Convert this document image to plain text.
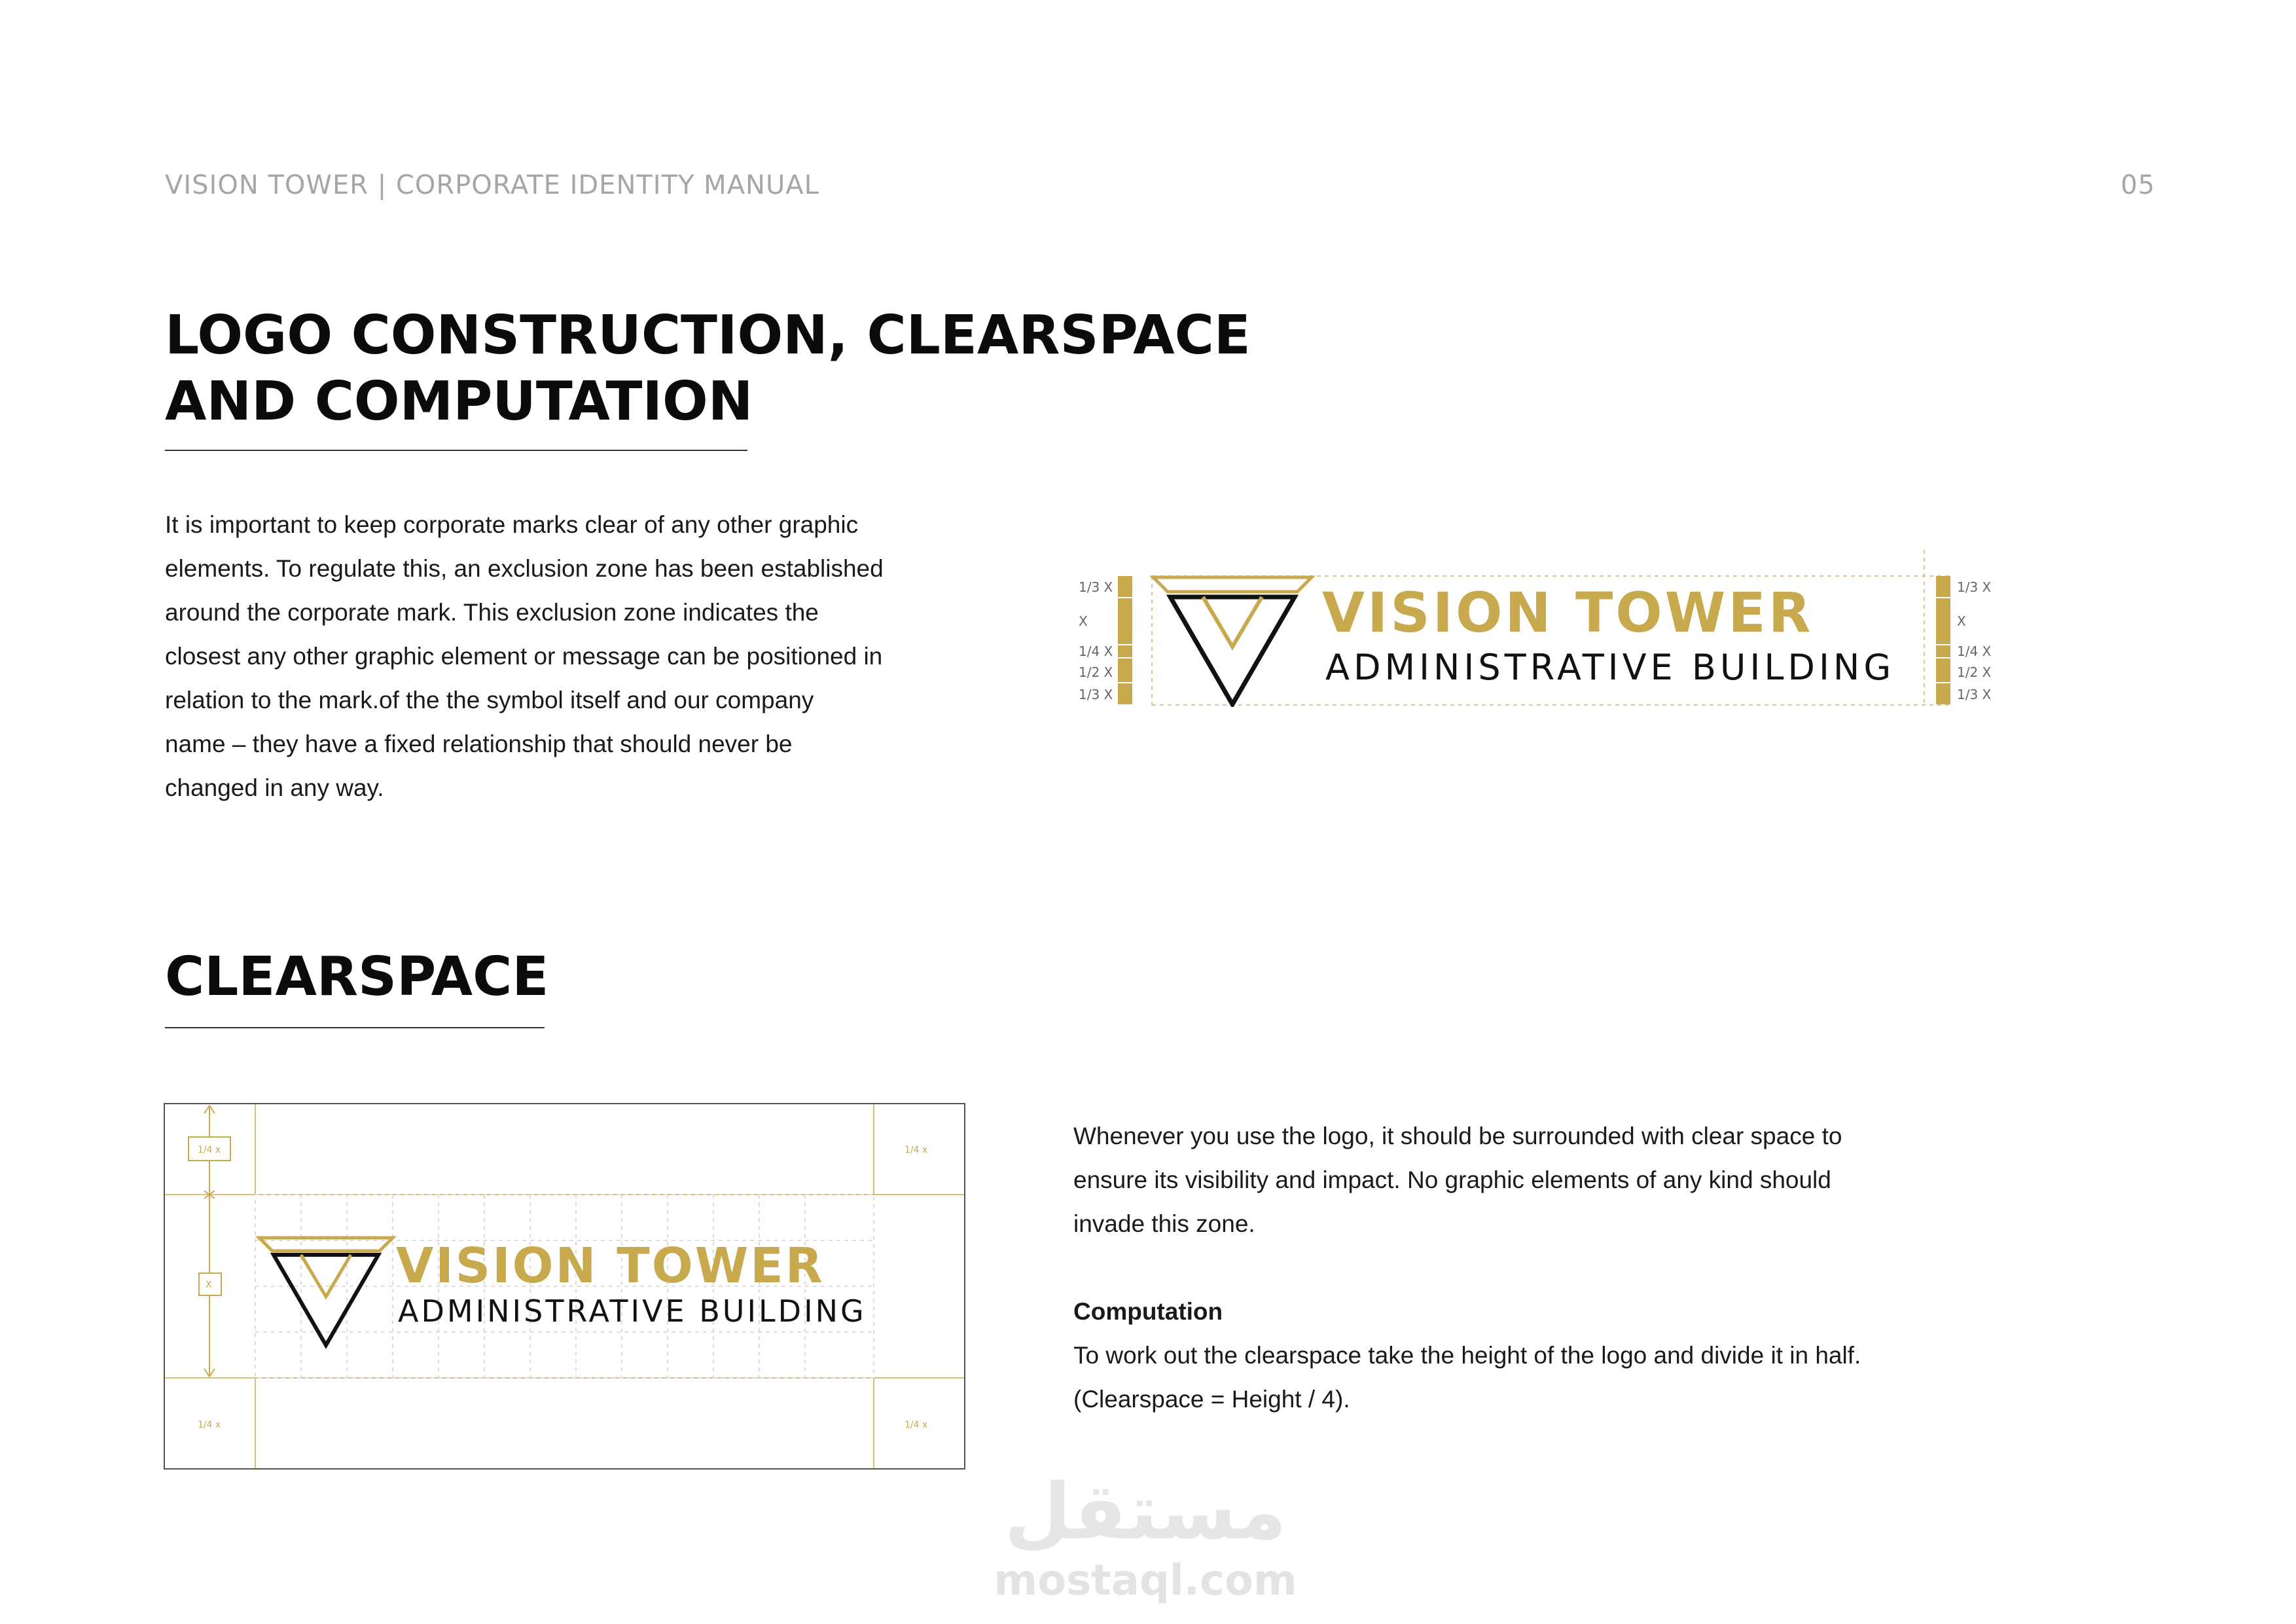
VISION TOWER | CORPORATE IDENTITY MANUAL	05
LOGO CONSTRUCTION, CLEARSPACE
AND COMPUTATION
It is important to keep corporate marks clear of any other graphic
elements. To regulate this, an exclusion zone has been established
around the corporate mark. This exclusion zone indicates the
closest any other graphic element or message can be positioned in
relation to the mark.of the the symbol itself and our company
name – they have a fixed relationship that should never be
changed in any way.
1/3 X
X
1/4 X
1/2 X
1/3 X
1/3 X
X
1/4 X
1/2 X
1/3 X
VISION TOWER
ADMINISTRATIVE BUILDING
CLEARSPACE
1/4 x
X
1/4 x
1/4 x	1/4 x
VISION TOWER
ADMINISTRATIVE BUILDING
Whenever you use the logo, it should be surrounded with clear space to
ensure its visibility and impact. No graphic elements of any kind should
invade this zone.
Computation
To work out the clearspace take the height of the logo and divide it in half.
(Clearspace = Height / 4).
مستقل
mostaql.com
